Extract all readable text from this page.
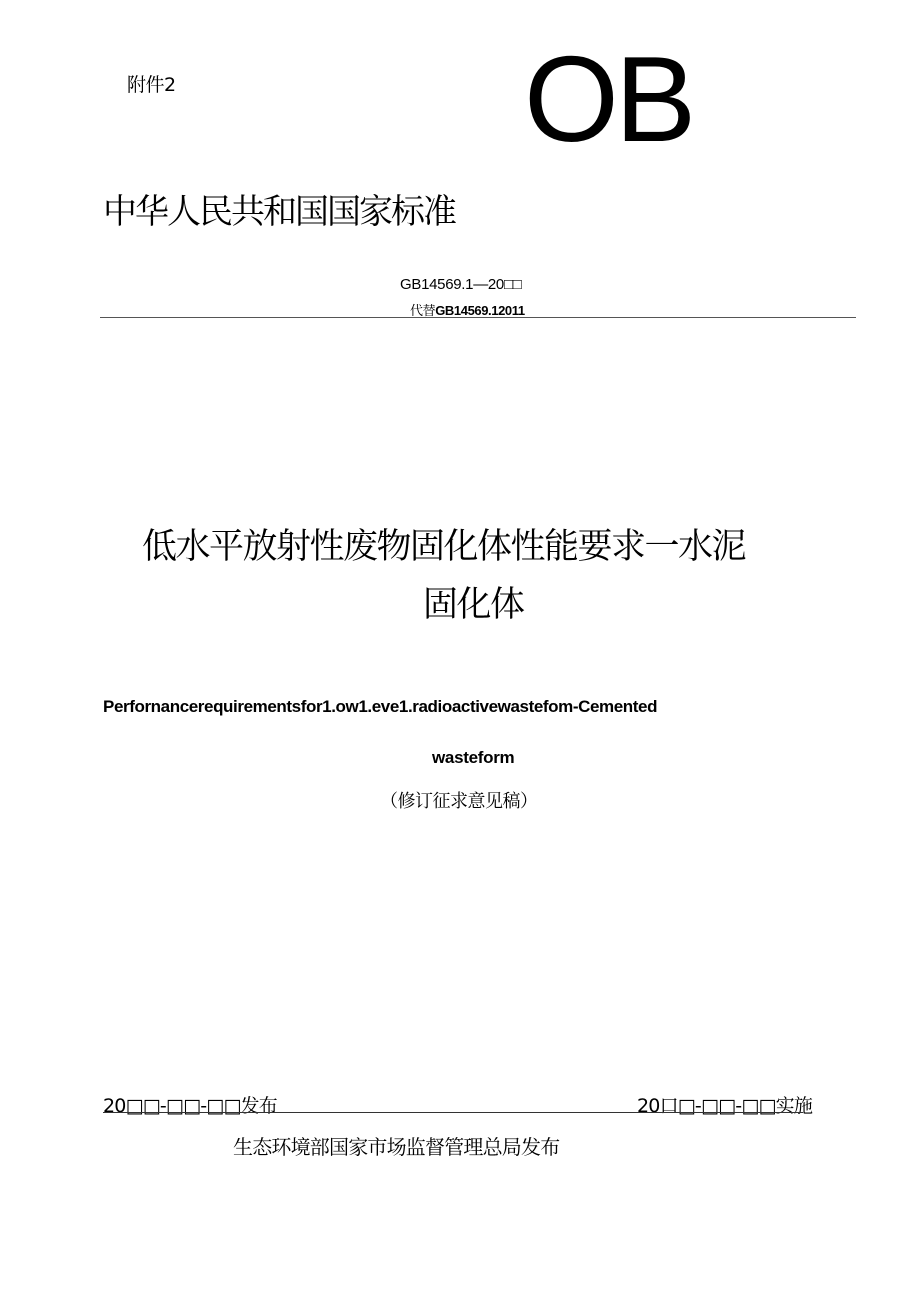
附件2	OB
中华人民共和国国家标准
GB14569.1—20□□
代替GB14569.12011
低水平放射性废物固化体性能要求一水泥
固化体
Perfornancerequirementsfor1.ow1.eve1.radioactivewastefom-Cemented
wasteform
（修订征求意见稿）
20□□-□□-□□发布	20口□-□□-□□实施
生态环境部国家市场监督管理总局发布
